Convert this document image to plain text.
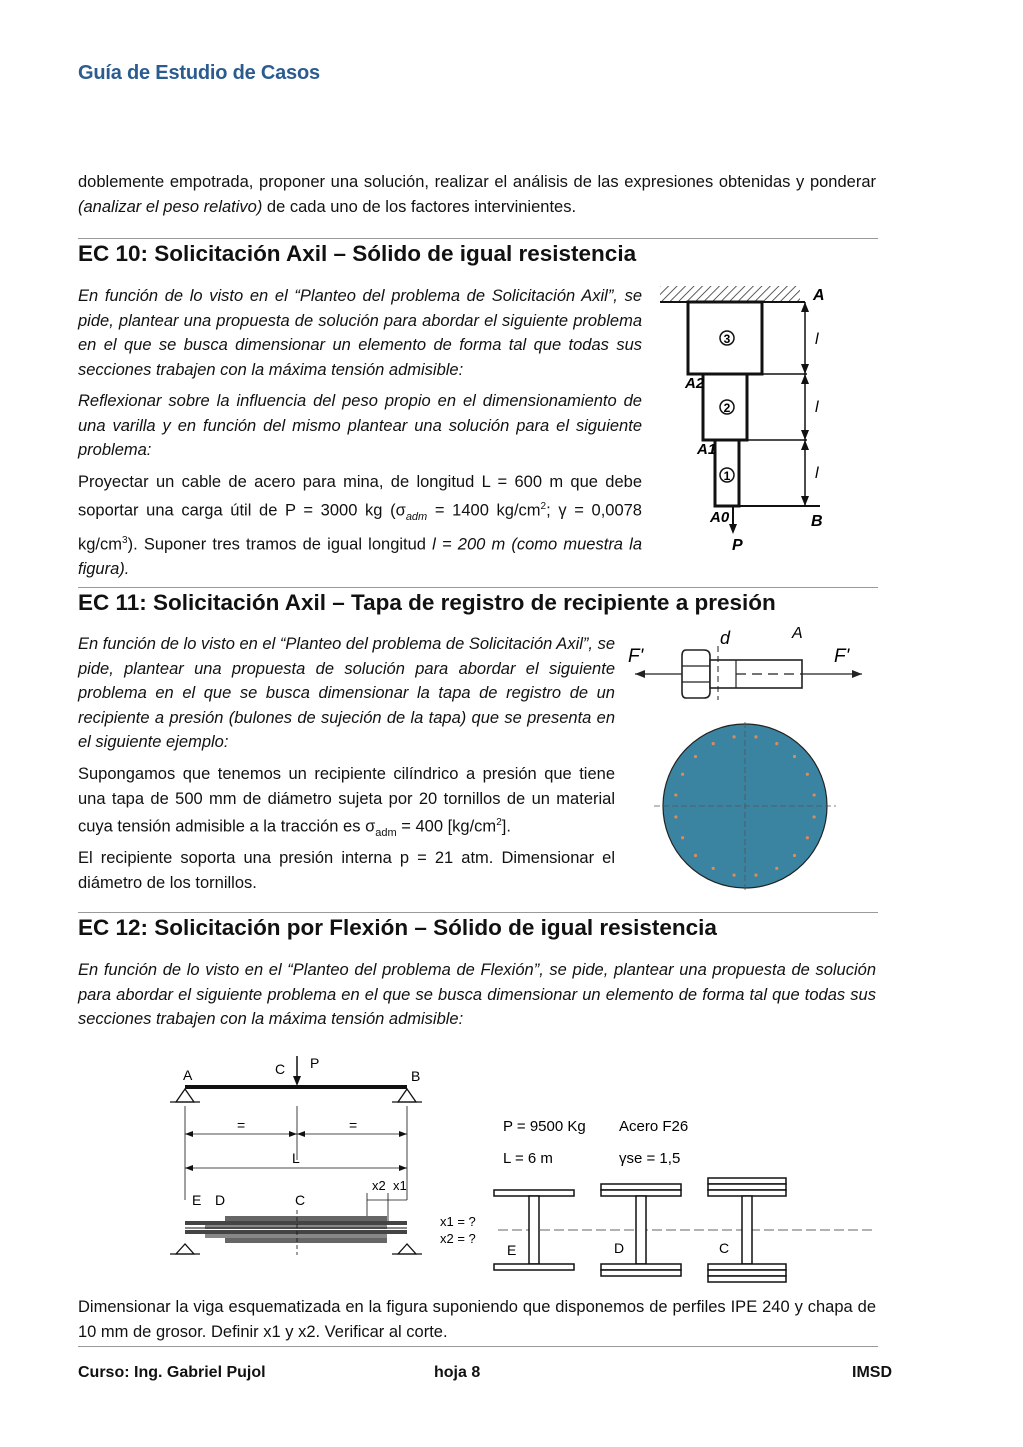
Guía de Estudio de Casos
doblemente empotrada, proponer una solución, realizar el análisis de las expresiones obtenidas y ponderar (analizar el peso relativo) de cada uno de los factores intervinientes.
EC 10: Solicitación Axil – Sólido de igual resistencia
En función de lo visto en el “Planteo del problema de Solicitación Axil”, se pide, plantear una propuesta de solución para abordar el siguiente problema en el que se busca dimensionar un elemento de forma tal que todas sus secciones trabajen con la máxima tensión admisible:
Reflexionar sobre la influencia del peso propio en el dimensionamiento de una varilla y en función del mismo plantear una solución para el siguiente problema:
Proyectar un cable de acero para mina, de longitud L = 600 m que debe soportar una carga útil de P = 3000 kg ($\sigma_{adm} = 1400$ $kg/cm^2$; γ = 0,0078 $kg/cm^3$). Suponer tres tramos de igual longitud l = 200 m (como muestra la figura).
3
2
1
A
l
l
l
B
A2
A1
A0
P
EC 11: Solicitación Axil – Tapa de registro de recipiente a presión
En función de lo visto en el “Planteo del problema de Solicitación Axil”, se pide, plantear una propuesta de solución para abordar el siguiente problema en el que se busca dimensionar la tapa de registro de un recipiente a presión (bulones de sujeción de la tapa) que se presenta en el siguiente ejemplo:
Supongamos que tenemos un recipiente cilíndrico a presión que tiene una tapa de 500 mm de diámetro sujeta por 20 tornillos de un material cuya tensión admisible a la tracción es $\sigma_{adm} = 400$ $[kg/cm^2]$.
El recipiente soporta una presión interna p = 21 atm. Dimensionar el diámetro de los tornillos.
F'	F'
d	A
EC 12: Solicitación por Flexión – Sólido de igual resistencia
En función de lo visto en el “Planteo del problema de Flexión”, se pide, plantear una propuesta de solución para abordar el siguiente problema en el que se busca dimensionar un elemento de forma tal que todas sus secciones trabajen con la máxima tensión admisible:
A	B
C P
=	=
L
E D	C
x2 x1
x1 = ?
x2 = ?
P = 9500 Kg Acero F26
L = 6 m	γse = 1,5
E	D	C
Dimensionar la viga esquematizada en la figura suponiendo que disponemos de perfiles IPE 240 y chapa de 10 mm de grosor. Definir x1 y x2. Verificar al corte.
Curso: Ing. Gabriel Pujol	hoja 8	IMSD
